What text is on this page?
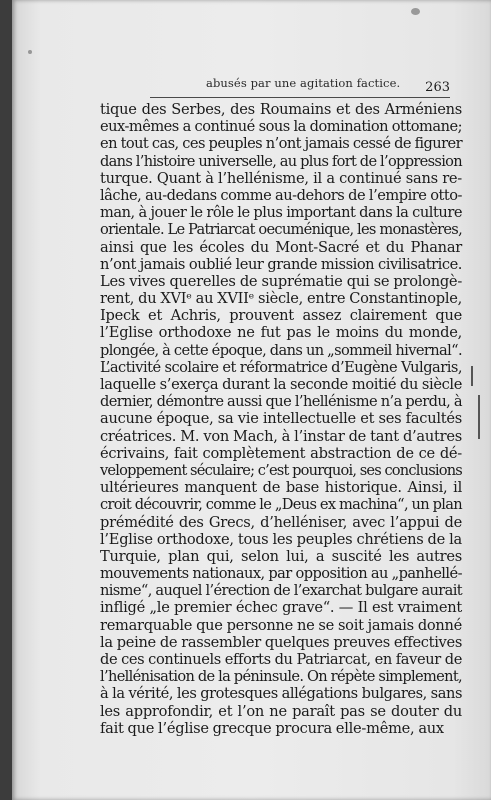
abusés par une agitation factice. 263
tique des Serbes, des Roumains et des Arméniens
eux-mêmes a continué sous la domination ottomane;
en tout cas, ces peuples n’ont jamais cessé de figurer
dans l’histoire universelle, au plus fort de l’oppression
turque. Quant à l’hellénisme, il a continué sans re-
lâche, au-dedans comme au-dehors de l’empire otto-
man, à jouer le rôle le plus important dans la culture
orientale. Le Patriarcat oecuménique, les monastères,
ainsi que les écoles du Mont-Sacré et du Phanar
n’ont jamais oublié leur grande mission civilisatrice.
Les vives querelles de suprématie qui se prolongè-
rent, du XVIᵉ au XVIIᵉ siècle, entre Constantinople,
Ipeck et Achris, prouvent assez clairement que
l’Eglise orthodoxe ne fut pas le moins du monde,
plongée, à cette époque, dans un „sommeil hivernal“.
L’activité scolaire et réformatrice d’Eugène Vulgaris,
laquelle s’exerça durant la seconde moitié du siècle
dernier, démontre aussi que l’hellénisme n’a perdu, à
aucune époque, sa vie intellectuelle et ses facultés
créatrices. M. von Mach, à l’instar de tant d’autres
écrivains, fait complètement abstraction de ce dé-
veloppement séculaire; c’est pourquoi, ses conclusions
ultérieures manquent de base historique. Ainsi, il
croit découvrir, comme le „Deus ex machina“, un plan
prémédité des Grecs, d’helléniser, avec l’appui de
l’Eglise orthodoxe, tous les peuples chrétiens de la
Turquie, plan qui, selon lui, a suscité les autres
mouvements nationaux, par opposition au „panhellé-
nisme“, auquel l’érection de l’exarchat bulgare aurait
infligé „le premier échec grave“. — Il est vraiment
remarquable que personne ne se soit jamais donné
la peine de rassembler quelques preuves effectives
de ces continuels efforts du Patriarcat, en faveur de
l’hellénisation de la péninsule. On répète simplement,
à la vérité, les grotesques allégations bulgares, sans
les approfondir, et l’on ne paraît pas se douter du
fait que l’église grecque procura elle-même, aux
